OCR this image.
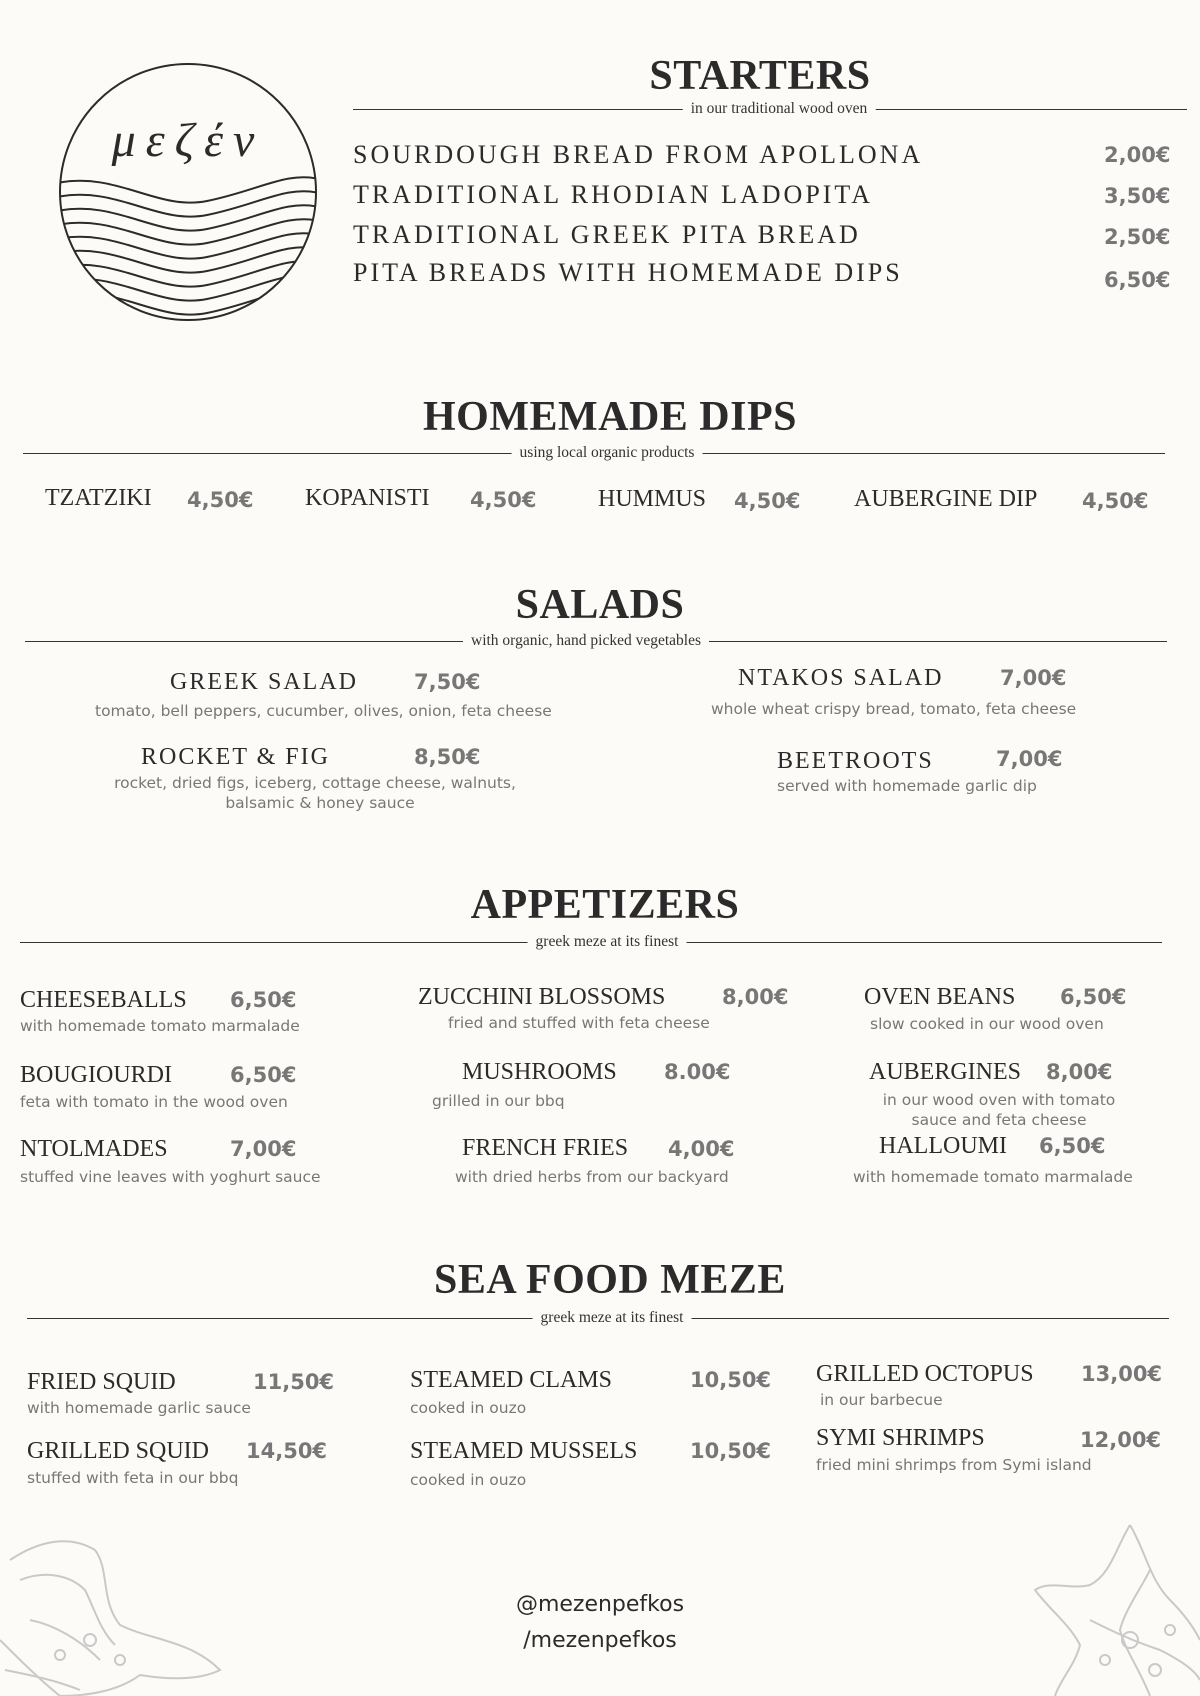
μεζέν
STARTERS
in our traditional wood oven
SOURDOUGH BREAD FROM APOLLONA	2,00€
TRADITIONAL RHODIAN LADOPITA	3,50€
TRADITIONAL GREEK PITA BREAD	2,50€
PITA BREADS WITH HOMEMADE DIPS	6,50€
HOMEMADE DIPS
using local organic products
TZATZIKI 4,50€ KOPANISTI 4,50€	HUMMUS 4,50€ AUBERGINE DIP 4,50€
SALADS
with organic, hand picked vegetables
GREEK SALAD	7,50€
tomato, bell peppers, cucumber, olives, onion, feta cheese
NTAKOS SALAD	7,00€
whole wheat crispy bread, tomato, feta cheese
ROCKET & FIG	8,50€
rocket, dried figs, iceberg, cottage cheese, walnuts,
balsamic & honey sauce
BEETROOTS	7,00€
served with homemade garlic dip
APPETIZERS
greek meze at its finest
CHEESEBALLS 6,50€
with homemade tomato marmalade
BOUGIOURDI	6,50€
feta with tomato in the wood oven
NTOLMADES	7,00€
stuffed vine leaves with yoghurt sauce
ZUCCHINI BLOSSOMS	8,00€
fried and stuffed with feta cheese
MUSHROOMS 8.00€
grilled in our bbq
FRENCH FRIES 4,00€
with dried herbs from our backyard
OVEN BEANS 6,50€
slow cooked in our wood oven
AUBERGINES 8,00€
in our wood oven with tomato
sauce and feta cheese
HALLOUMI 6,50€
with homemade tomato marmalade
SEA FOOD MEZE
greek meze at its finest
FRIED SQUID	11,50€
with homemade garlic sauce
GRILLED SQUID 14,50€
stuffed with feta in our bbq
STEAMED CLAMS	10,50€
cooked in ouzo
STEAMED MUSSELS	10,50€
cooked in ouzo
GRILLED OCTOPUS 13,00€
in our barbecue
SYMI SHRIMPS	12,00€
fried mini shrimps from Symi island
@mezenpefkos
/mezenpefkos
